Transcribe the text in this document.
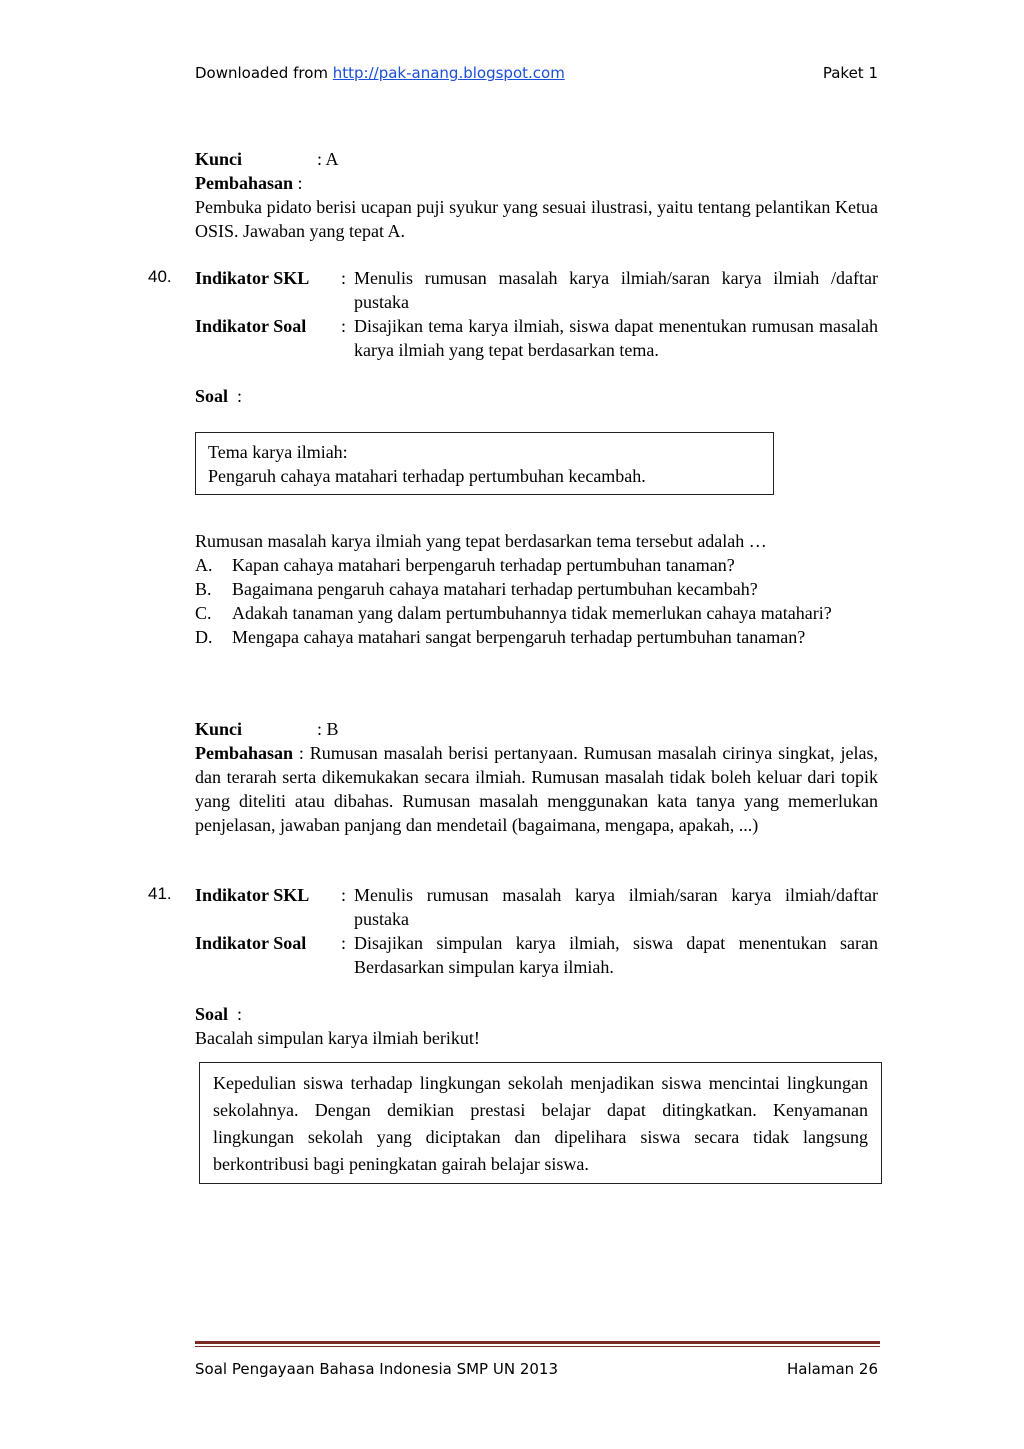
Downloaded from http://pak-anang.blogspot.com	Paket 1
Kunci	: A
Pembahasan :
Pembuka pidato berisi ucapan puji syukur yang sesuai ilustrasi, yaitu tentang pelantikan Ketua OSIS. Jawaban yang tepat A.
40. Indikator SKL : Menulis rumusan masalah karya ilmiah/saran karya ilmiah /daftar pustaka
Indikator Soal : Disajikan tema karya ilmiah, siswa dapat menentukan rumusan masalah karya ilmiah yang tepat berdasarkan tema.
Soal :
Tema karya ilmiah:
Pengaruh cahaya matahari terhadap pertumbuhan kecambah.
Rumusan masalah karya ilmiah yang tepat berdasarkan tema tersebut adalah …
A. Kapan cahaya matahari berpengaruh terhadap pertumbuhan tanaman?
B. Bagaimana pengaruh cahaya matahari terhadap pertumbuhan kecambah?
C. Adakah tanaman yang dalam pertumbuhannya tidak memerlukan cahaya matahari?
D. Mengapa cahaya matahari sangat berpengaruh terhadap pertumbuhan tanaman?
Kunci	: B
Pembahasan : Rumusan masalah berisi pertanyaan. Rumusan masalah cirinya singkat, jelas, dan terarah serta dikemukakan secara ilmiah. Rumusan masalah tidak boleh keluar dari topik yang diteliti atau dibahas. Rumusan masalah menggunakan kata tanya yang memerlukan penjelasan, jawaban panjang dan mendetail (bagaimana, mengapa, apakah, ...)
41. Indikator SKL : Menulis rumusan masalah karya ilmiah/saran karya ilmiah/daftar pustaka
Indikator Soal : Disajikan simpulan karya ilmiah, siswa dapat menentukan saran Berdasarkan simpulan karya ilmiah.
Soal :
Bacalah simpulan karya ilmiah berikut!
Kepedulian siswa terhadap lingkungan sekolah menjadikan siswa mencintai lingkungan sekolahnya. Dengan demikian prestasi belajar dapat ditingkatkan. Kenyamanan lingkungan sekolah yang diciptakan dan dipelihara siswa secara tidak langsung berkontribusi bagi peningkatan gairah belajar siswa.
Soal Pengayaan Bahasa Indonesia SMP UN 2013	Halaman 26
